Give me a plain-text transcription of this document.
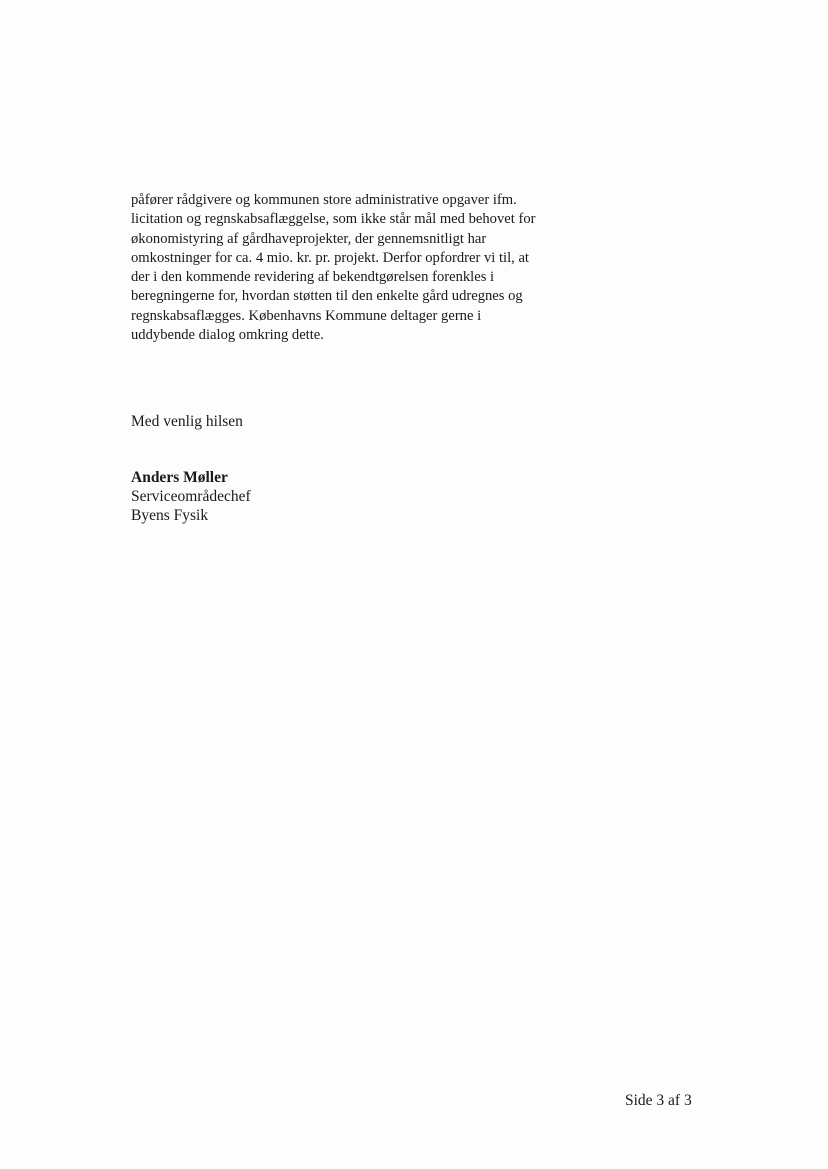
påfører rådgivere og kommunen store administrative opgaver ifm.
licitation og regnskabsaflæggelse, som ikke står mål med behovet for
økonomistyring af gårdhaveprojekter, der gennemsnitligt har
omkostninger for ca. 4 mio. kr. pr. projekt. Derfor opfordrer vi til, at
der i den kommende revidering af bekendtgørelsen forenkles i
beregningerne for, hvordan støtten til den enkelte gård udregnes og
regnskabsaflægges. Københavns Kommune deltager gerne i
uddybende dialog omkring dette.

Med venlig hilsen

Anders Møller
Serviceområdechef
Byens Fysik
Side 3 af 3
